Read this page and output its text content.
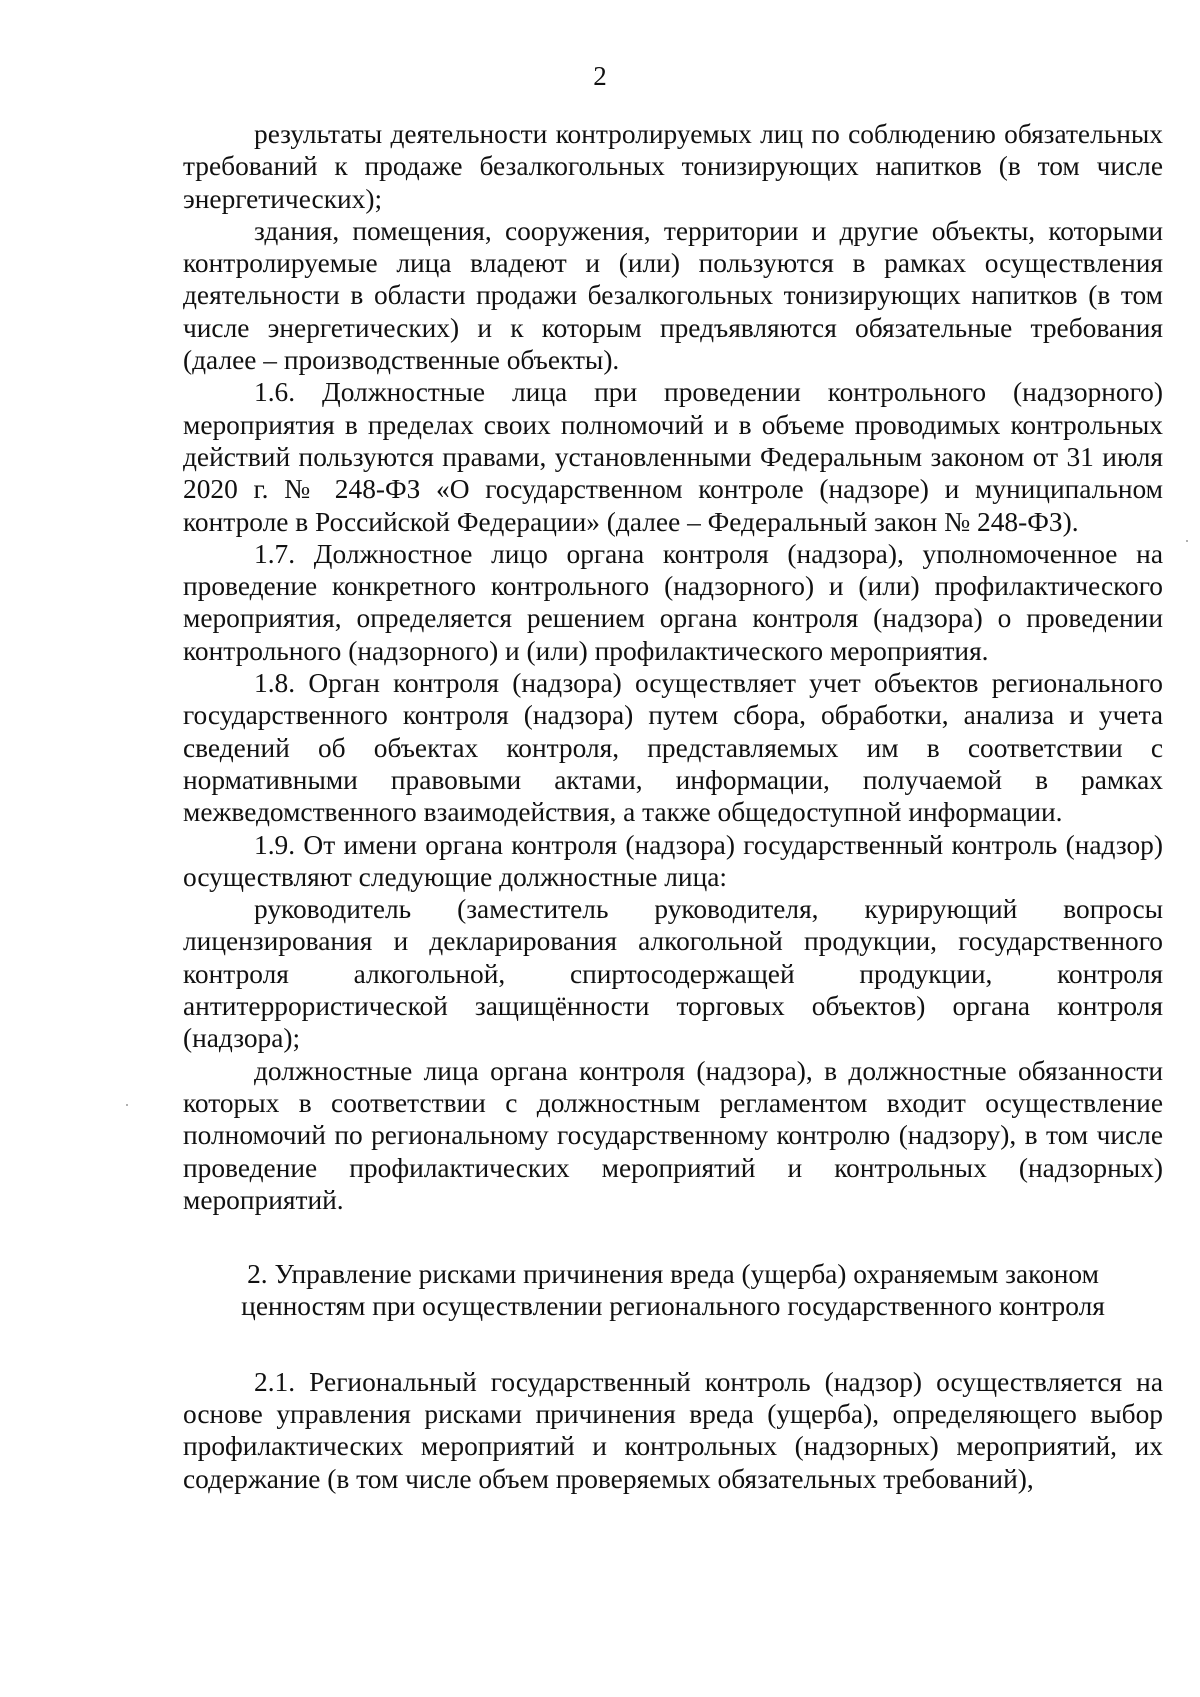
2

результаты деятельности контролируемых лиц по соблюдению обязательных требований к продаже безалкогольных тонизирующих напитков (в том числе энергетических);

здания, помещения, сооружения, территории и другие объекты, которыми контролируемые лица владеют и (или) пользуются в рамках осуществления деятельности в области продажи безалкогольных тонизирующих напитков (в том числе энергетических) и к которым предъявляются обязательные требования (далее – производственные объекты).

1.6. Должностные лица при проведении контрольного (надзорного) мероприятия в пределах своих полномочий и в объеме проводимых контрольных действий пользуются правами, установленными Федеральным законом от 31 июля 2020 г. № 248-ФЗ «О государственном контроле (надзоре) и муниципальном контроле в Российской Федерации» (далее – Федеральный закон № 248-ФЗ).

1.7. Должностное лицо органа контроля (надзора), уполномоченное на проведение конкретного контрольного (надзорного) и (или) профилактического мероприятия, определяется решением органа контроля (надзора) о проведении контрольного (надзорного) и (или) профилактического мероприятия.

1.8. Орган контроля (надзора) осуществляет учет объектов регионального государственного контроля (надзора) путем сбора, обработки, анализа и учета сведений об объектах контроля, представляемых им в соответствии с нормативными правовыми актами, информации, получаемой в рамках межведомственного взаимодействия, а также общедоступной информации.

1.9. От имени органа контроля (надзора) государственный контроль (надзор) осуществляют следующие должностные лица:

руководитель (заместитель руководителя, курирующий вопросы лицензирования и декларирования алкогольной продукции, государственного контроля алкогольной, спиртосодержащей продукции, контроля антитеррористической защищённости торговых объектов) органа контроля (надзора);

должностные лица органа контроля (надзора), в должностные обязанности которых в соответствии с должностным регламентом входит осуществление полномочий по региональному государственному контролю (надзору), в том числе проведение профилактических мероприятий и контрольных (надзорных) мероприятий.

2. Управление рисками причинения вреда (ущерба) охраняемым законом ценностям при осуществлении регионального государственного контроля

2.1. Региональный государственный контроль (надзор) осуществляется на основе управления рисками причинения вреда (ущерба), определяющего выбор профилактических мероприятий и контрольных (надзорных) мероприятий, их содержание (в том числе объем проверяемых обязательных требований),
